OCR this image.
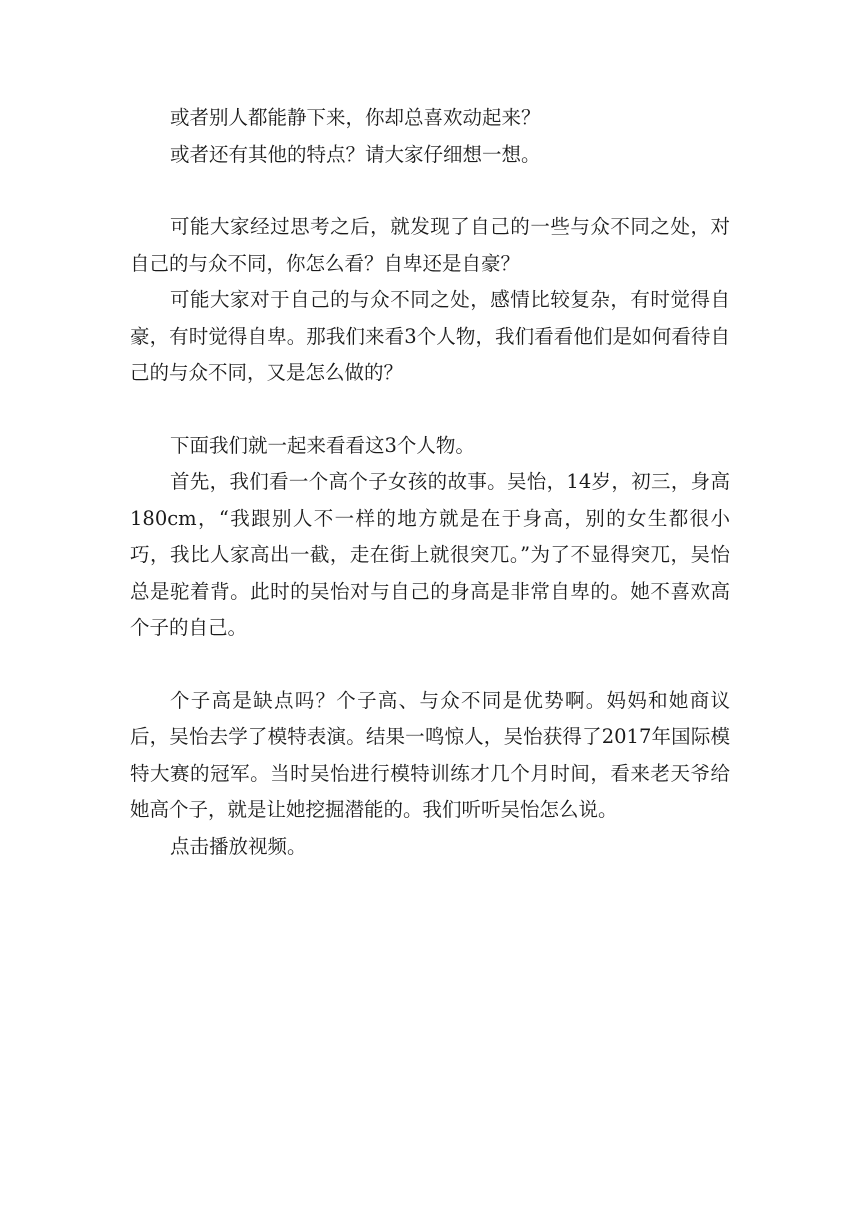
或者别人都能静下来，你却总喜欢动起来？

或者还有其他的特点？请大家仔细想一想。

可能大家经过思考之后，就发现了自己的一些与众不同之处，对自己的与众不同，你怎么看？自卑还是自豪？

可能大家对于自己的与众不同之处，感情比较复杂，有时觉得自豪，有时觉得自卑。那我们来看3个人物，我们看看他们是如何看待自己的与众不同，又是怎么做的？

下面我们就一起来看看这3个人物。

首先，我们看一个高个子女孩的故事。吴怡，14岁，初三，身高180cm，“我跟别人不一样的地方就是在于身高，别的女生都很小巧，我比人家高出一截，走在街上就很突兀。”为了不显得突兀，吴怡总是驼着背。此时的吴怡对与自己的身高是非常自卑的。她不喜欢高个子的自己。

个子高是缺点吗？个子高、与众不同是优势啊。妈妈和她商议后，吴怡去学了模特表演。结果一鸣惊人，吴怡获得了2017年国际模特大赛的冠军。当时吴怡进行模特训练才几个月时间，看来老天爷给她高个子，就是让她挖掘潜能的。我们听听吴怡怎么说。

点击播放视频。
